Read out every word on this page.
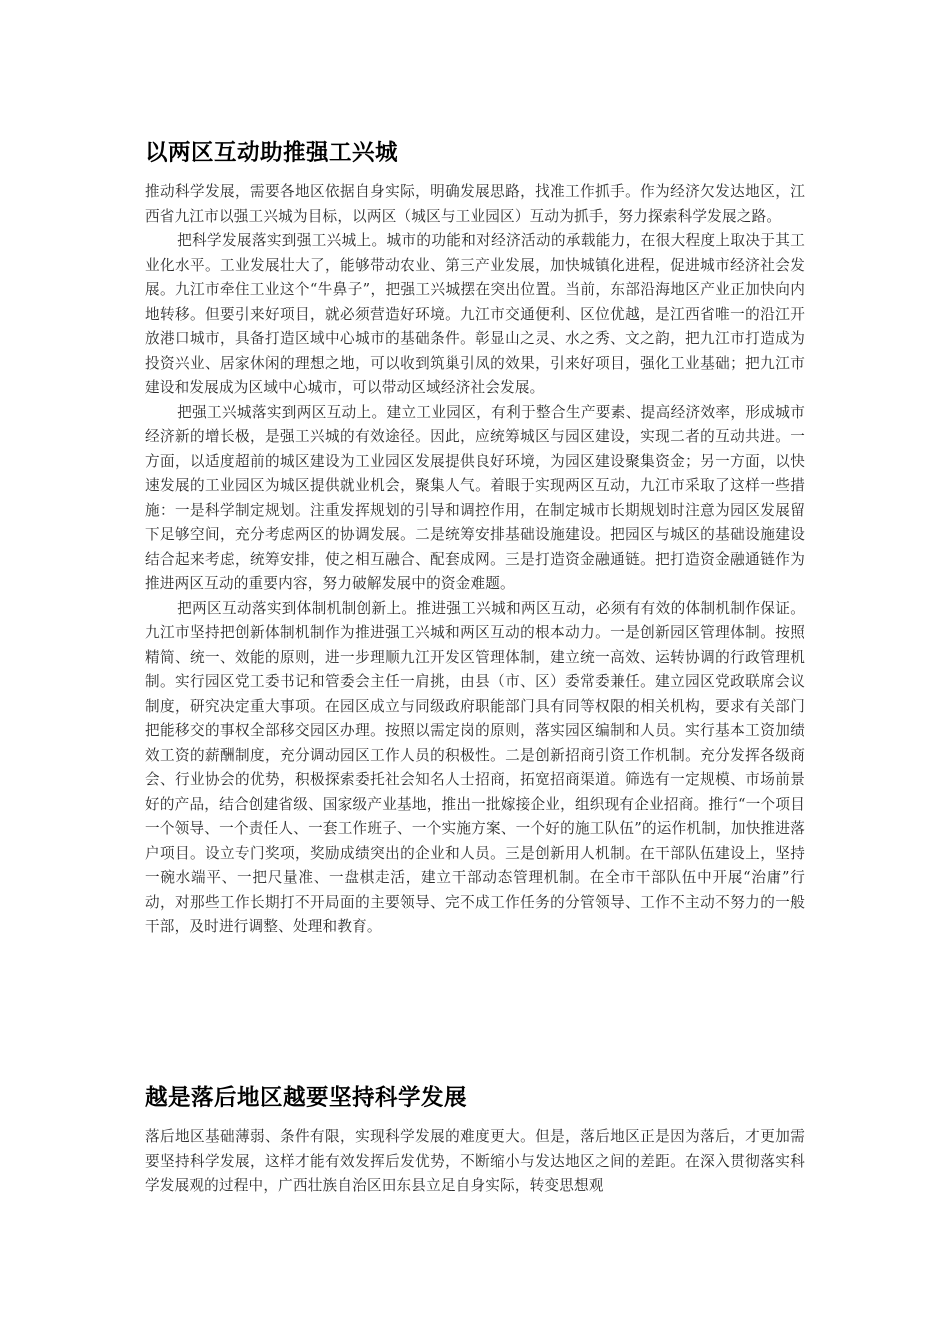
以两区互动助推强工兴城

推动科学发展，需要各地区依据自身实际，明确发展思路，找准工作抓手。作为经济欠发达地区，江西省九江市以强工兴城为目标，以两区（城区与工业园区）互动为抓手，努力探索科学发展之路。

把科学发展落实到强工兴城上。城市的功能和对经济活动的承载能力，在很大程度上取决于其工业化水平。工业发展壮大了，能够带动农业、第三产业发展，加快城镇化进程，促进城市经济社会发展。九江市牵住工业这个“牛鼻子”，把强工兴城摆在突出位置。当前，东部沿海地区产业正加快向内地转移。但要引来好项目，就必须营造好环境。九江市交通便利、区位优越，是江西省唯一的沿江开放港口城市，具备打造区域中心城市的基础条件。彰显山之灵、水之秀、文之韵，把九江市打造成为投资兴业、居家休闲的理想之地，可以收到筑巢引凤的效果，引来好项目，强化工业基础；把九江市建设和发展成为区域中心城市，可以带动区域经济社会发展。

把强工兴城落实到两区互动上。建立工业园区，有利于整合生产要素、提高经济效率，形成城市经济新的增长极，是强工兴城的有效途径。因此，应统筹城区与园区建设，实现二者的互动共进。一方面，以适度超前的城区建设为工业园区发展提供良好环境，为园区建设聚集资金；另一方面，以快速发展的工业园区为城区提供就业机会，聚集人气。着眼于实现两区互动，九江市采取了这样一些措施：一是科学制定规划。注重发挥规划的引导和调控作用，在制定城市长期规划时注意为园区发展留下足够空间，充分考虑两区的协调发展。二是统筹安排基础设施建设。把园区与城区的基础设施建设结合起来考虑，统筹安排，使之相互融合、配套成网。三是打造资金融通链。把打造资金融通链作为推进两区互动的重要内容，努力破解发展中的资金难题。

把两区互动落实到体制机制创新上。推进强工兴城和两区互动，必须有有效的体制机制作保证。九江市坚持把创新体制机制作为推进强工兴城和两区互动的根本动力。一是创新园区管理体制。按照精简、统一、效能的原则，进一步理顺九江开发区管理体制，建立统一高效、运转协调的行政管理机制。实行园区党工委书记和管委会主任一肩挑，由县（市、区）委常委兼任。建立园区党政联席会议制度，研究决定重大事项。在园区成立与同级政府职能部门具有同等权限的相关机构，要求有关部门把能移交的事权全部移交园区办理。按照以需定岗的原则，落实园区编制和人员。实行基本工资加绩效工资的薪酬制度，充分调动园区工作人员的积极性。二是创新招商引资工作机制。充分发挥各级商会、行业协会的优势，积极探索委托社会知名人士招商，拓宽招商渠道。筛选有一定规模、市场前景好的产品，结合创建省级、国家级产业基地，推出一批嫁接企业，组织现有企业招商。推行“一个项目一个领导、一个责任人、一套工作班子、一个实施方案、一个好的施工队伍”的运作机制，加快推进落户项目。设立专门奖项，奖励成绩突出的企业和人员。三是创新用人机制。在干部队伍建设上，坚持一碗水端平、一把尺量准、一盘棋走活，建立干部动态管理机制。在全市干部队伍中开展“治庸”行动，对那些工作长期打不开局面的主要领导、完不成工作任务的分管领导、工作不主动不努力的一般干部，及时进行调整、处理和教育。

越是落后地区越要坚持科学发展

落后地区基础薄弱、条件有限，实现科学发展的难度更大。但是，落后地区正是因为落后，才更加需要坚持科学发展，这样才能有效发挥后发优势，不断缩小与发达地区之间的差距。在深入贯彻落实科学发展观的过程中，广西壮族自治区田东县立足自身实际，转变思想观
